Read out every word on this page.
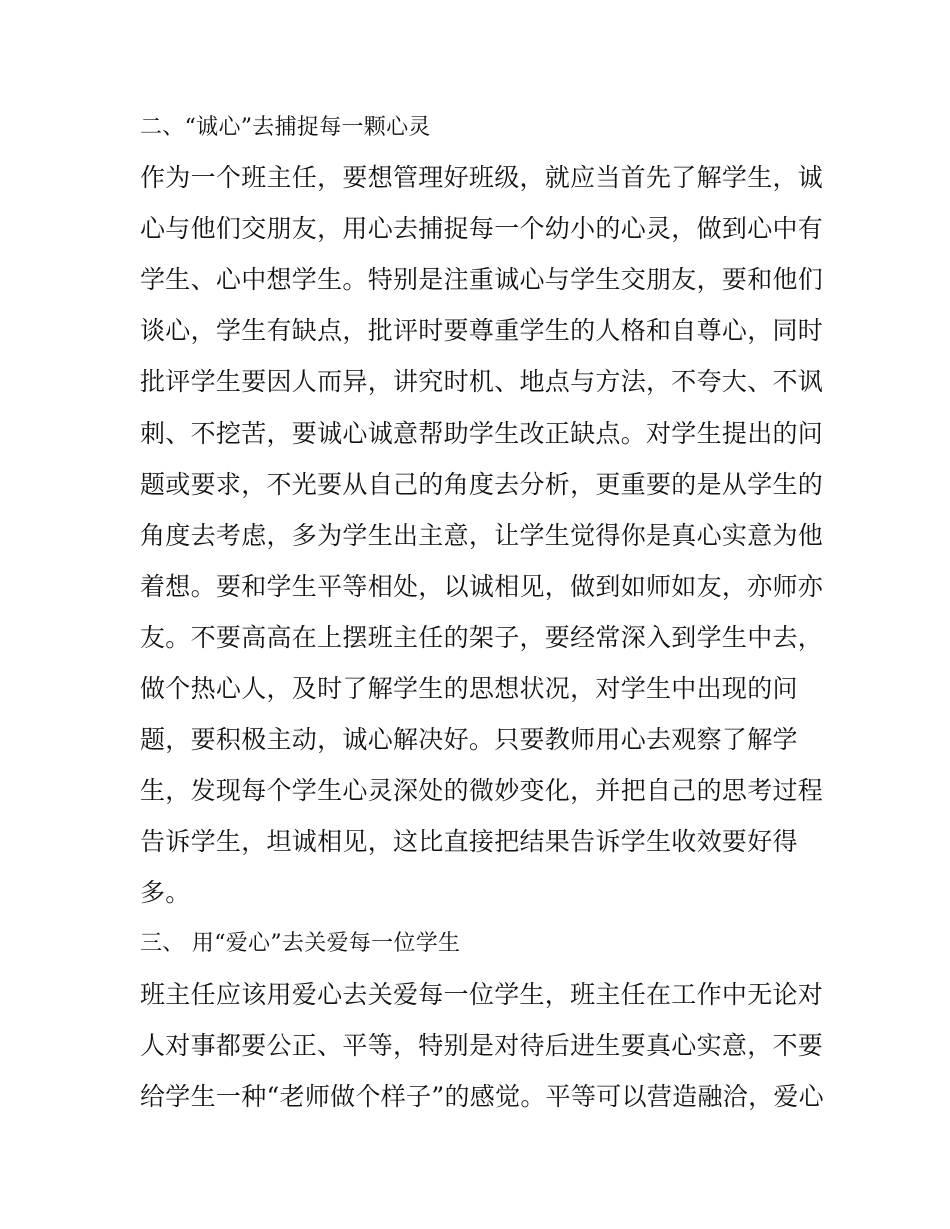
二、“诚心”去捕捉每一颗心灵
作为一个班主任，要想管理好班级，就应当首先了解学生，诚
心与他们交朋友，用心去捕捉每一个幼小的心灵，做到心中有
学生、心中想学生。特别是注重诚心与学生交朋友，要和他们
谈心，学生有缺点，批评时要尊重学生的人格和自尊心，同时
批评学生要因人而异，讲究时机、地点与方法，不夸大、不讽
刺、不挖苦，要诚心诚意帮助学生改正缺点。对学生提出的问
题或要求，不光要从自己的角度去分析，更重要的是从学生的
角度去考虑，多为学生出主意，让学生觉得你是真心实意为他
着想。要和学生平等相处，以诚相见，做到如师如友，亦师亦
友。不要高高在上摆班主任的架子，要经常深入到学生中去，
做个热心人，及时了解学生的思想状况，对学生中出现的问
题，要积极主动，诚心解决好。只要教师用心去观察了解学
生，发现每个学生心灵深处的微妙变化，并把自己的思考过程
告诉学生，坦诚相见，这比直接把结果告诉学生收效要好得
多。
三、 用“爱心”去关爱每一位学生
班主任应该用爱心去关爱每一位学生，班主任在工作中无论对
人对事都要公正、平等，特别是对待后进生要真心实意，不要
给学生一种“老师做个样子”的感觉。平等可以营造融洽，爱心
